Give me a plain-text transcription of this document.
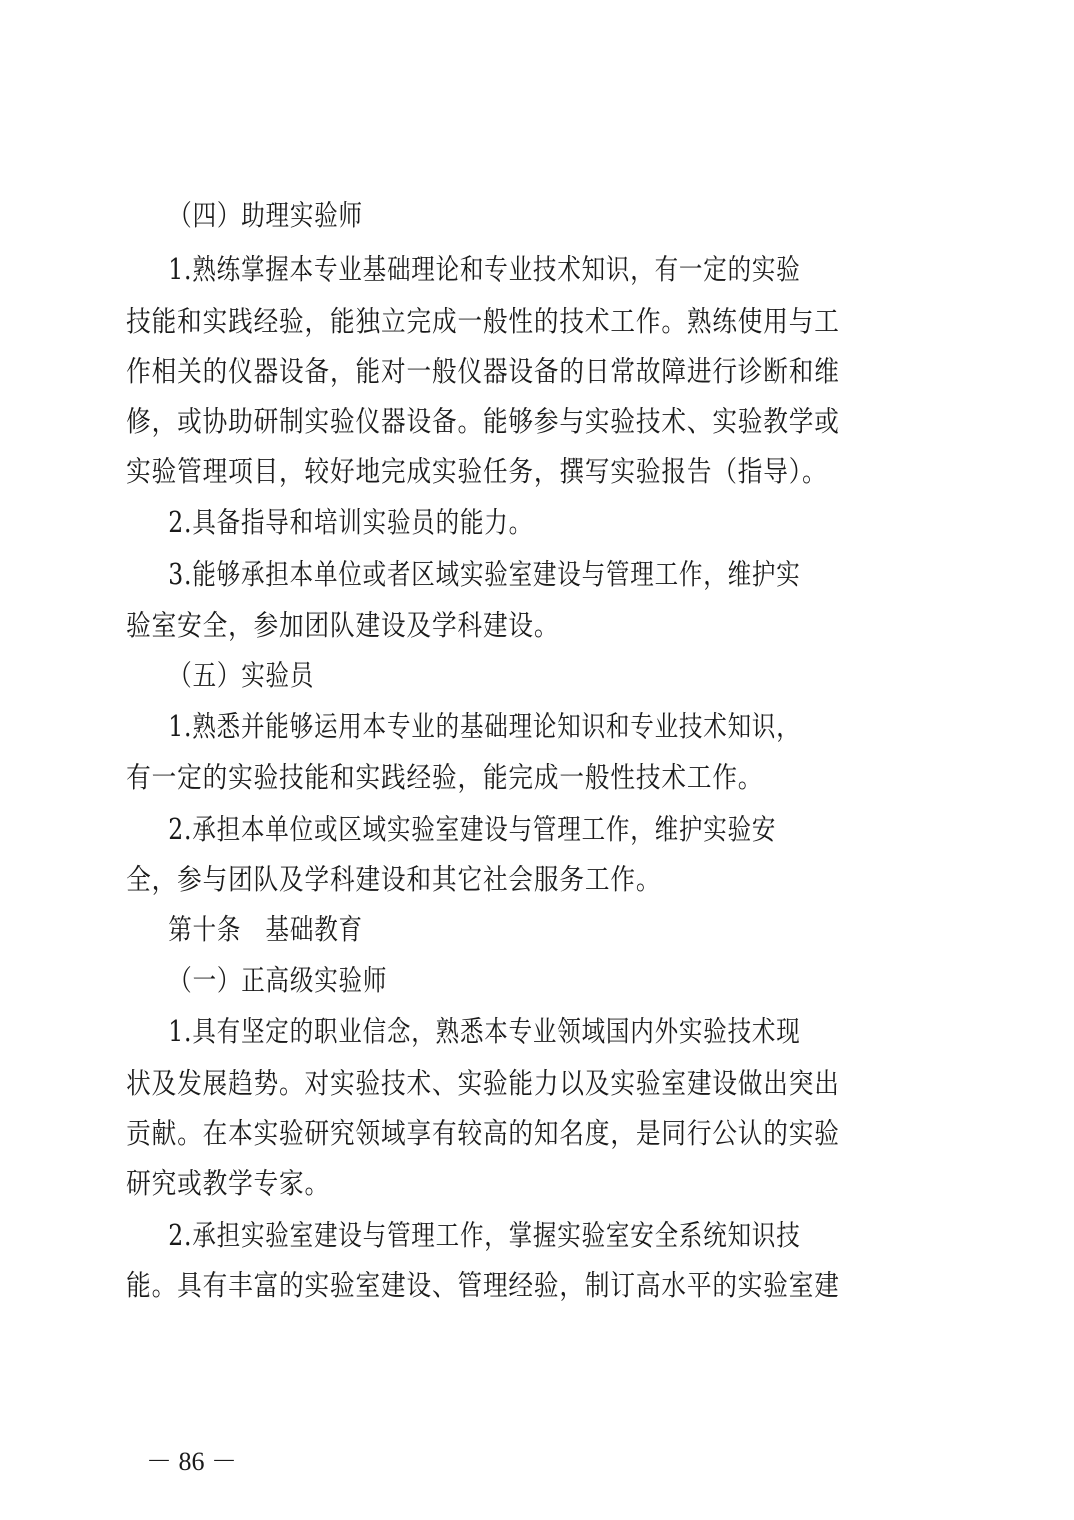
（四）助理实验师
1.熟练掌握本专业基础理论和专业技术知识，有一定的实验
技能和实践经验，能独立完成一般性的技术工作。熟练使用与工
作相关的仪器设备，能对一般仪器设备的日常故障进行诊断和维
修，或协助研制实验仪器设备。能够参与实验技术、实验教学或
实验管理项目，较好地完成实验任务，撰写实验报告（指导）。
2.具备指导和培训实验员的能力。
3.能够承担本单位或者区域实验室建设与管理工作，维护实
验室安全，参加团队建设及学科建设。
（五）实验员
1.熟悉并能够运用本专业的基础理论知识和专业技术知识，
有一定的实验技能和实践经验，能完成一般性技术工作。
2.承担本单位或区域实验室建设与管理工作，维护实验安
全，参与团队及学科建设和其它社会服务工作。
第十条　基础教育
（一）正高级实验师
1.具有坚定的职业信念，熟悉本专业领域国内外实验技术现
状及发展趋势。对实验技术、实验能力以及实验室建设做出突出
贡献。在本实验研究领域享有较高的知名度，是同行公认的实验
研究或教学专家。
2.承担实验室建设与管理工作，掌握实验室安全系统知识技
能。具有丰富的实验室建设、管理经验，制订高水平的实验室建
－ 86 －
